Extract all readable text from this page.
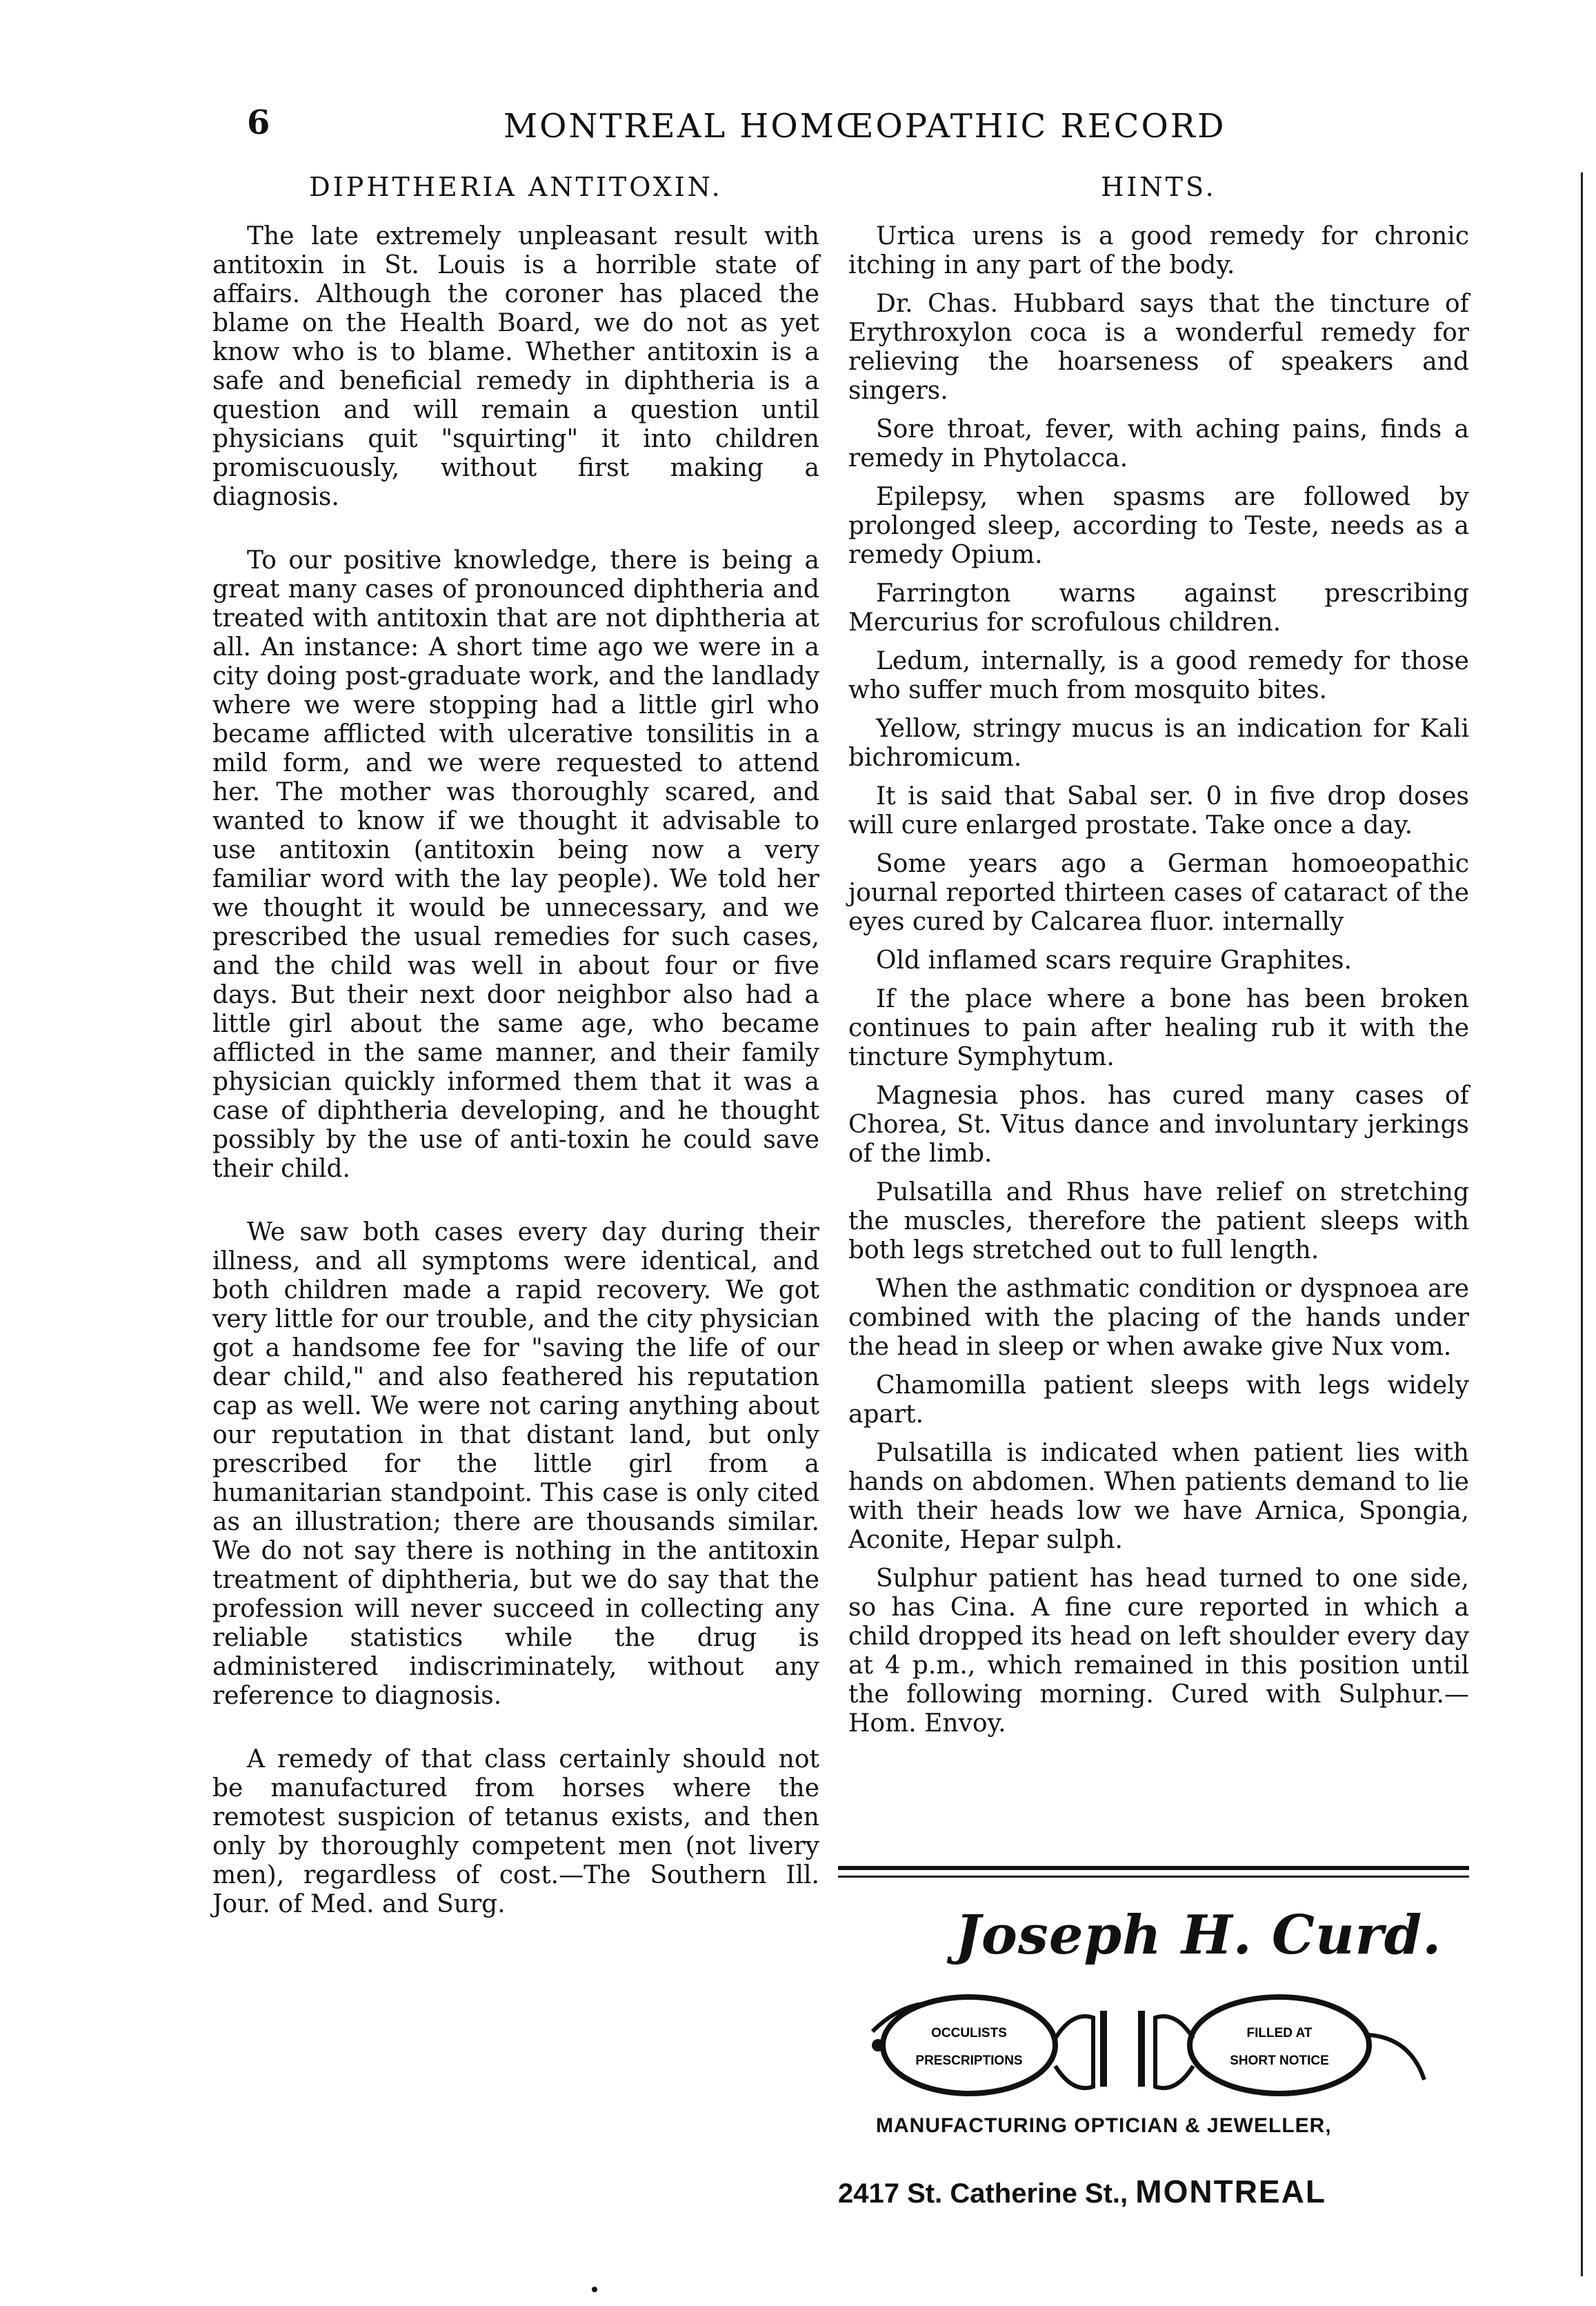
6	MONTREAL HOMŒOPATHIC RECORD
DIPHTHERIA ANTITOXIN.

The late extremely unpleasant result with antitoxin in St. Louis is a horrible state of affairs. Although the coroner has placed the blame on the Health Board, we do not as yet know who is to blame. Whether antitoxin is a safe and beneficial remedy in diphtheria is a question and will remain a question until physicians quit "squirting" it into children promiscuously, without first making a diagnosis.

To our positive knowledge, there is being a great many cases of pronounced diphtheria and treated with antitoxin that are not diphtheria at all. An instance: A short time ago we were in a city doing post-graduate work, and the landlady where we were stopping had a little girl who became afflicted with ulcerative tonsilitis in a mild form, and we were requested to attend her. The mother was thoroughly scared, and wanted to know if we thought it advisable to use antitoxin (antitoxin being now a very familiar word with the lay people). We told her we thought it would be unnecessary, and we prescribed the usual remedies for such cases, and the child was well in about four or five days. But their next door neighbor also had a little girl about the same age, who became afflicted in the same manner, and their family physician quickly informed them that it was a case of diphtheria developing, and he thought possibly by the use of anti-toxin he could save their child.

We saw both cases every day during their illness, and all symptoms were identical, and both children made a rapid recovery. We got very little for our trouble, and the city physician got a handsome fee for "saving the life of our dear child," and also feathered his reputation cap as well. We were not caring anything about our reputation in that distant land, but only prescribed for the little girl from a humanitarian standpoint. This case is only cited as an illustration; there are thousands similar. We do not say there is nothing in the antitoxin treatment of diphtheria, but we do say that the profession will never succeed in collecting any reliable statistics while the drug is administered indiscriminately, without any reference to diagnosis.

A remedy of that class certainly should not be manufactured from horses where the remotest suspicion of tetanus exists, and then only by thoroughly competent men (not livery men), regardless of cost.—The Southern Ill. Jour. of Med. and Surg.

HINTS.

Urtica urens is a good remedy for chronic itching in any part of the body.

Dr. Chas. Hubbard says that the tincture of Erythroxylon coca is a wonderful remedy for relieving the hoarseness of speakers and singers.

Sore throat, fever, with aching pains, finds a remedy in Phytolacca.

Epilepsy, when spasms are followed by prolonged sleep, according to Teste, needs as a remedy Opium.

Farrington warns against prescribing Mercurius for scrofulous children.

Ledum, internally, is a good remedy for those who suffer much from mosquito bites.

Yellow, stringy mucus is an indication for Kali bichromicum.

It is said that Sabal ser. 0 in five drop doses will cure enlarged prostate. Take once a day.

Some years ago a German homoeopathic journal reported thirteen cases of cataract of the eyes cured by Calcarea fluor. internally

Old inflamed scars require Graphites.

If the place where a bone has been broken continues to pain after healing rub it with the tincture Symphytum.

Magnesia phos. has cured many cases of Chorea, St. Vitus dance and involuntary jerkings of the limb.

Pulsatilla and Rhus have relief on stretching the muscles, therefore the patient sleeps with both legs stretched out to full length.

When the asthmatic condition or dyspnoea are combined with the placing of the hands under the head in sleep or when awake give Nux vom.

Chamomilla patient sleeps with legs widely apart.

Pulsatilla is indicated when patient lies with hands on abdomen. When patients demand to lie with their heads low we have Arnica, Spongia, Aconite, Hepar sulph.

Sulphur patient has head turned to one side, so has Cina. A fine cure reported in which a child dropped its head on left shoulder every day at 4 p.m., which remained in this position until the following morning. Cured with Sulphur.—Hom. Envoy.

Joseph H. Curd.
OCCULISTS
PRESCRIPTIONS
FILLED AT
SHORT NOTICE
MANUFACTURING OPTICIAN & JEWELLER,
2417 St. Catherine St., MONTREAL
